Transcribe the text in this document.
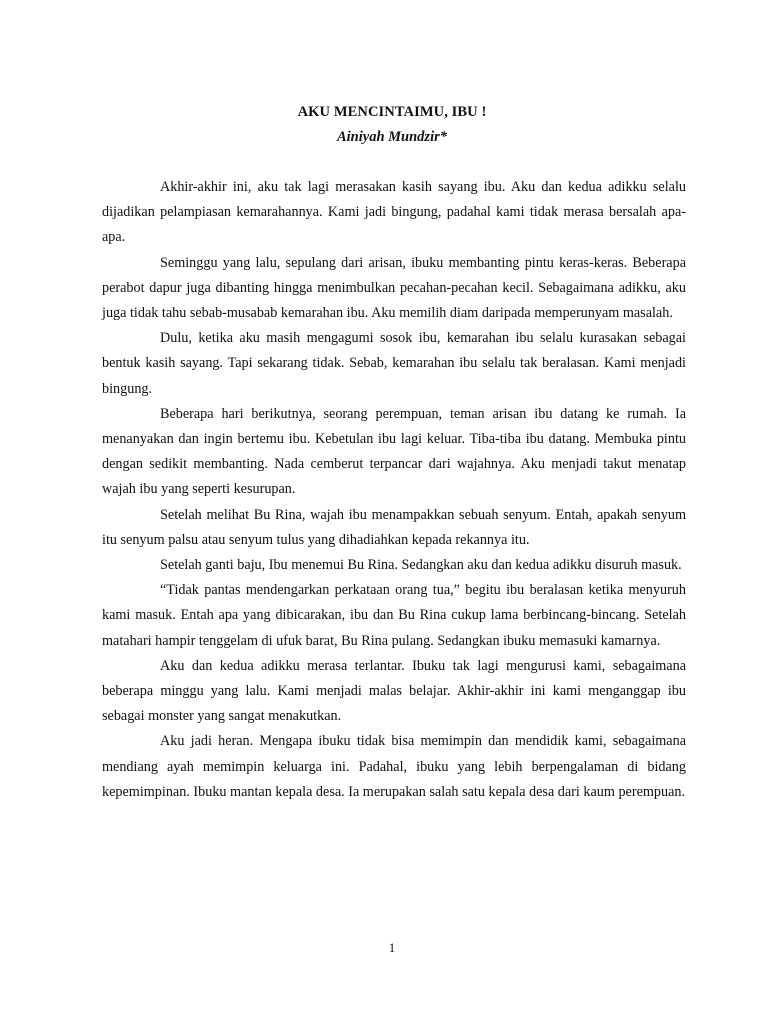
AKU MENCINTAIMU, IBU !
Ainiyah Mundzir*

Akhir-akhir ini, aku tak lagi merasakan kasih sayang ibu. Aku dan kedua adikku selalu dijadikan pelampiasan kemarahannya. Kami jadi bingung, padahal kami tidak merasa bersalah apa-apa.

Seminggu yang lalu, sepulang dari arisan, ibuku membanting pintu keras-keras. Beberapa perabot dapur juga dibanting hingga menimbulkan pecahan-pecahan kecil. Sebagaimana adikku, aku juga tidak tahu sebab-musabab kemarahan ibu. Aku memilih diam daripada memperunyam masalah.

Dulu, ketika aku masih mengagumi sosok ibu, kemarahan ibu selalu kurasakan sebagai bentuk kasih sayang. Tapi sekarang tidak. Sebab, kemarahan ibu selalu tak beralasan. Kami menjadi bingung.

Beberapa hari berikutnya, seorang perempuan, teman arisan ibu datang ke rumah. Ia menanyakan dan ingin bertemu ibu. Kebetulan ibu lagi keluar. Tiba-tiba ibu datang. Membuka pintu dengan sedikit membanting. Nada cemberut terpancar dari wajahnya. Aku menjadi takut menatap wajah ibu yang seperti kesurupan.

Setelah melihat Bu Rina, wajah ibu menampakkan sebuah senyum. Entah, apakah senyum itu senyum palsu atau senyum tulus yang dihadiahkan kepada rekannya itu.

Setelah ganti baju, Ibu menemui Bu Rina. Sedangkan aku dan kedua adikku disuruh masuk.

“Tidak pantas mendengarkan perkataan orang tua,” begitu ibu beralasan ketika menyuruh kami masuk. Entah apa yang dibicarakan, ibu dan Bu Rina cukup lama berbincang-bincang. Setelah matahari hampir tenggelam di ufuk barat, Bu Rina pulang. Sedangkan ibuku memasuki kamarnya.

Aku dan kedua adikku merasa terlantar. Ibuku tak lagi mengurusi kami, sebagaimana beberapa minggu yang lalu. Kami menjadi malas belajar. Akhir-akhir ini kami menganggap ibu sebagai monster yang sangat menakutkan.

Aku jadi heran. Mengapa ibuku tidak bisa memimpin dan mendidik kami, sebagaimana mendiang ayah memimpin keluarga ini. Padahal, ibuku yang lebih berpengalaman di bidang kepemimpinan. Ibuku mantan kepala desa. Ia merupakan salah satu kepala desa dari kaum perempuan.

1
